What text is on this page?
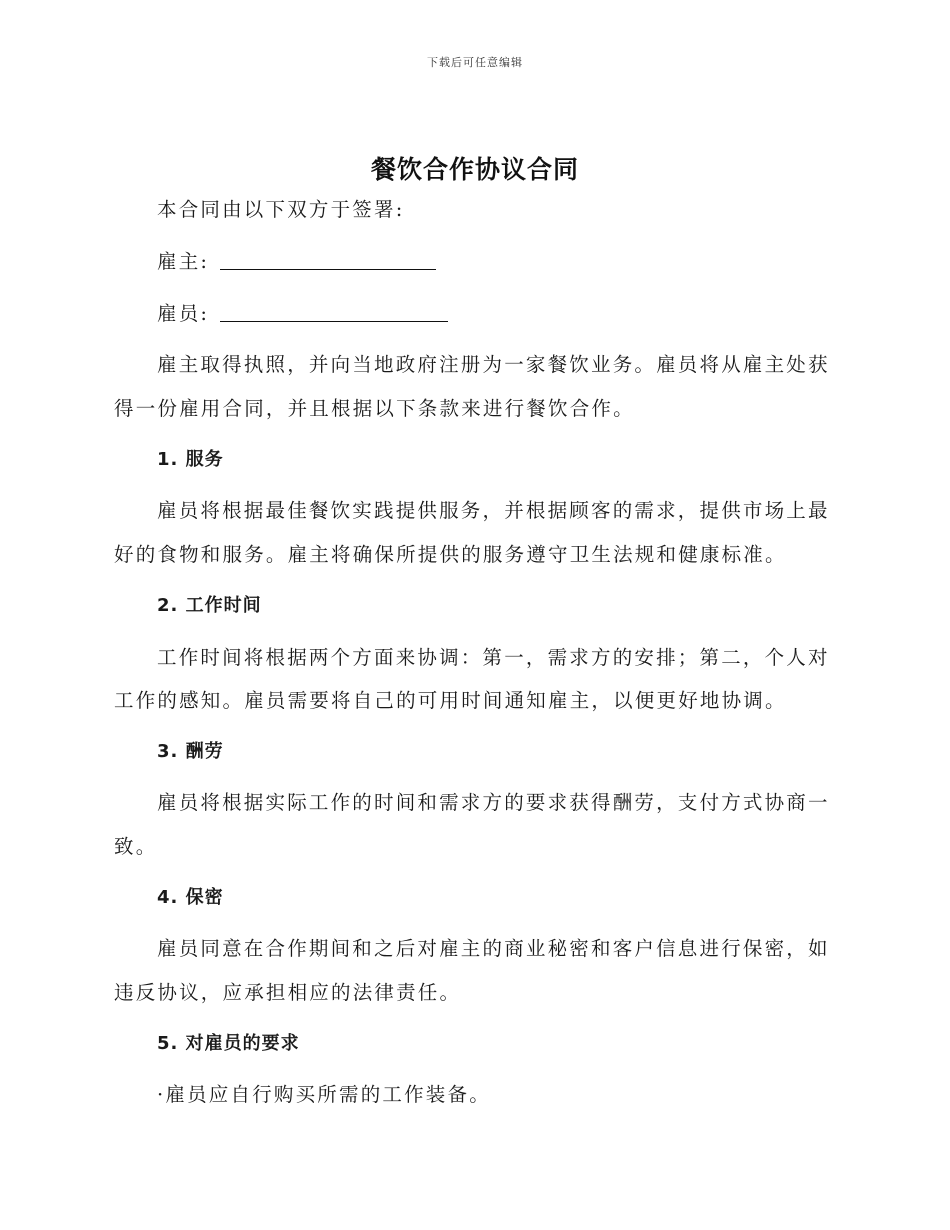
下载后可任意编辑
餐饮合作协议合同
本合同由以下双方于签署:
雇主:
雇员:
雇主取得执照，并向当地政府注册为一家餐饮业务。雇员将从雇主处获
得一份雇用合同，并且根据以下条款来进行餐饮合作。
1. 服务
雇员将根据最佳餐饮实践提供服务，并根据顾客的需求，提供市场上最
好的食物和服务。雇主将确保所提供的服务遵守卫生法规和健康标准。
2. 工作时间
工作时间将根据两个方面来协调：第一，需求方的安排；第二，个人对
工作的感知。雇员需要将自己的可用时间通知雇主，以便更好地协调。
3. 酬劳
雇员将根据实际工作的时间和需求方的要求获得酬劳，支付方式协商一
致。
4. 保密
雇员同意在合作期间和之后对雇主的商业秘密和客户信息进行保密，如
违反协议，应承担相应的法律责任。
5. 对雇员的要求
·雇员应自行购买所需的工作装备。
